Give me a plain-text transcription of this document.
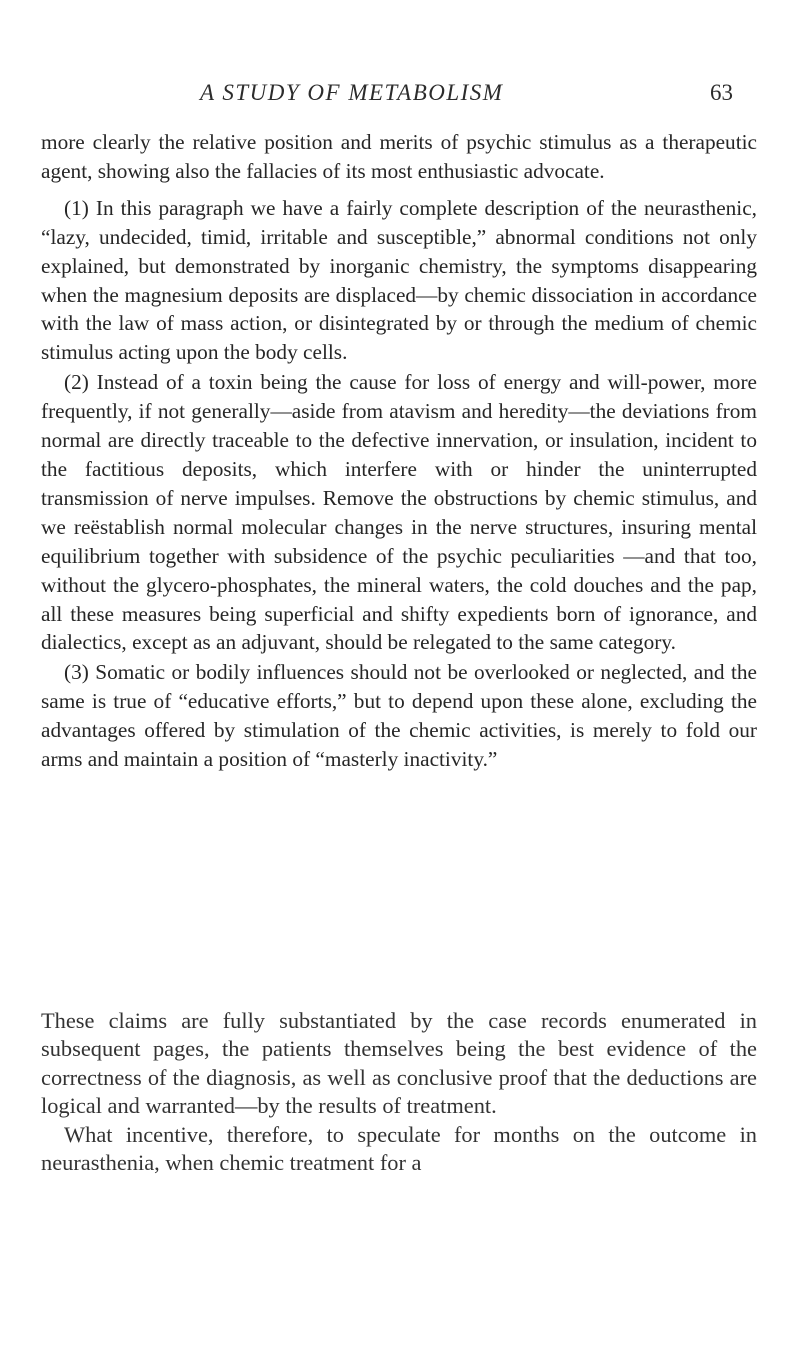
A STUDY OF METABOLISM	63

more clearly the relative position and merits of psychic stimulus as a therapeutic agent, showing also the fallacies of its most enthusiastic advocate.

(1) In this paragraph we have a fairly complete description of the neurasthenic, “lazy, undecided, timid, irritable and susceptible,” abnormal conditions not only explained, but demonstrated by inorganic chemistry, the symptoms disappearing when the magnesium deposits are displaced—by chemic dissociation in accordance with the law of mass action, or disintegrated by or through the medium of chemic stimulus acting upon the body cells.

(2) Instead of a toxin being the cause for loss of energy and will-power, more frequently, if not generally—aside from atavism and heredity—the deviations from normal are directly traceable to the defective innervation, or insulation, incident to the factitious deposits, which interfere with or hinder the uninterrupted transmission of nerve impulses. Remove the obstructions by chemic stimulus, and we reëstablish normal molecular changes in the nerve structures, insuring mental equilibrium together with subsidence of the psychic peculiarities —and that too, without the glycero-phosphates, the mineral waters, the cold douches and the pap, all these measures being superficial and shifty expedients born of ignorance, and dialectics, except as an adjuvant, should be relegated to the same category.

(3) Somatic or bodily influences should not be overlooked or neglected, and the same is true of “educative efforts,” but to depend upon these alone, excluding the advantages offered by stimulation of the chemic activities, is merely to fold our arms and maintain a position of “masterly inactivity.”

These claims are fully substantiated by the case records enumerated in subsequent pages, the patients themselves being the best evidence of the correctness of the diagnosis, as well as conclusive proof that the deductions are logical and warranted—by the results of treatment.

What incentive, therefore, to speculate for months on the outcome in neurasthenia, when chemic treatment for a
